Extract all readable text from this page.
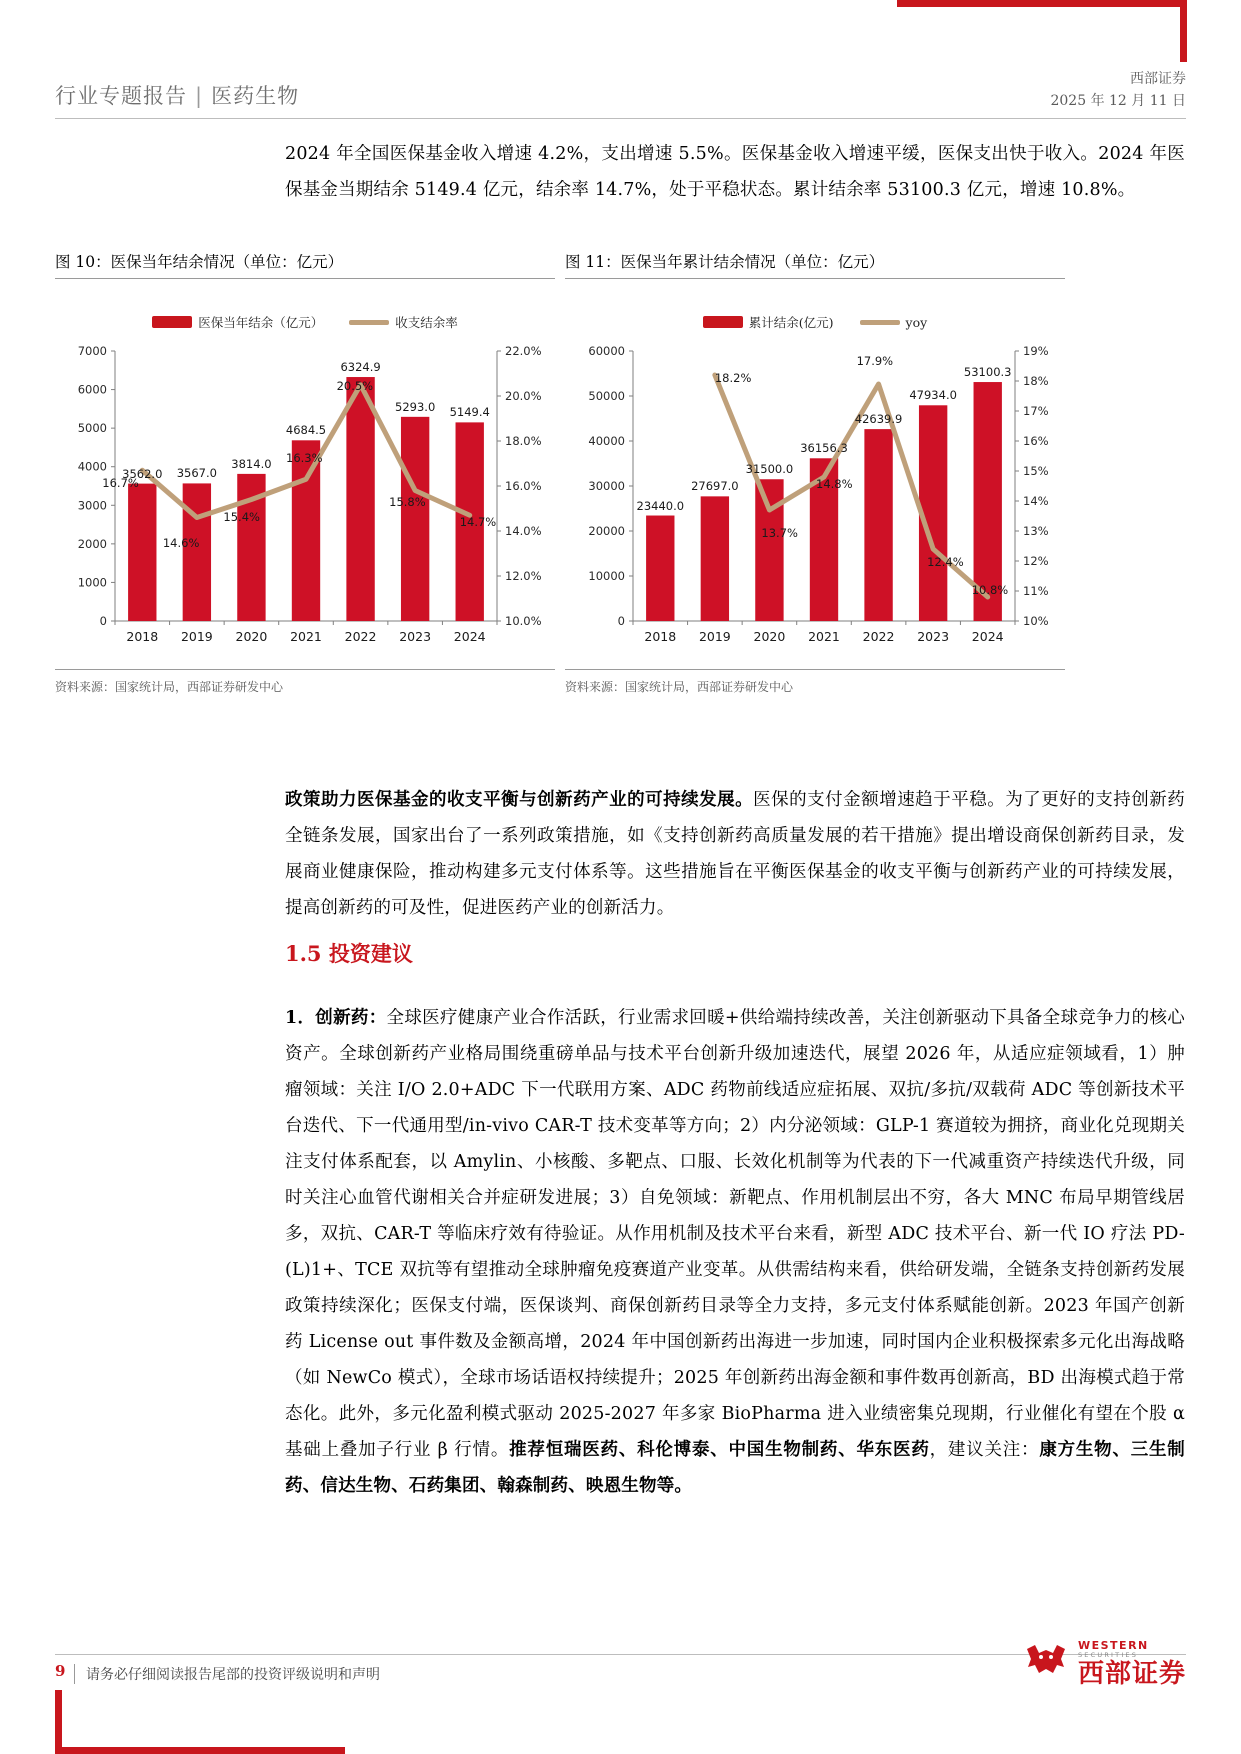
行业专题报告 | 医药生物
西部证券
2025 年 12 月 11 日
2024 年全国医保基金收入增速 4.2%，支出增速 5.5%。医保基金收入增速平缓，医保支出快于收入。2024 年医保基金当期结余 5149.4 亿元，结余率 14.7%，处于平稳状态。累计结余率 53100.3 亿元，增速 10.8%。
图 10：医保当年结余情况（单位：亿元）
医保当年结余（亿元）	收支结余率
0
1000
2000
3000
4000
5000
6000
7000
10.0%
12.0%
14.0%
16.0%
18.0%
20.0%
22.0%
3562.0	3567.0
3814.0
4684.5
6324.9
5293.0	5149.4
16.7%
14.6%
15.4%
16.3%
20.5%
15.8%
14.7%
2018	2019	2020	2021	2022	2023	2024
资料来源：国家统计局，西部证券研发中心
图 11：医保当年累计结余情况（单位：亿元）
累计结余(亿元)	yoy
0
10000
20000
30000
40000
50000
60000
10%
11%
12%
13%
14%
15%
16%
17%
18%
19%
23440.0
27697.0
31500.0
36156.3
42639.9
47934.0
53100.3
18.2%
13.7%
14.8%
17.9%
12.4%
10.8%
2018	2019	2020	2021	2022	2023	2024
资料来源：国家统计局，西部证券研发中心
政策助力医保基金的收支平衡与创新药产业的可持续发展。医保的支付金额增速趋于平稳。为了更好的支持创新药全链条发展，国家出台了一系列政策措施，如《支持创新药高质量发展的若干措施》提出增设商保创新药目录，发展商业健康保险，推动构建多元支付体系等。这些措施旨在平衡医保基金的收支平衡与创新药产业的可持续发展，提高创新药的可及性，促进医药产业的创新活力。
1.5 投资建议
1．创新药：全球医疗健康产业合作活跃，行业需求回暖+供给端持续改善，关注创新驱动下具备全球竞争力的核心资产。全球创新药产业格局围绕重磅单品与技术平台创新升级加速迭代，展望 2026 年，从适应症领域看，1）肿瘤领域：关注 I/O 2.0+ADC 下一代联用方案、ADC 药物前线适应症拓展、双抗/多抗/双载荷 ADC 等创新技术平台迭代、下一代通用型/in-vivo CAR-T 技术变革等方向；2）内分泌领域：GLP-1 赛道较为拥挤，商业化兑现期关注支付体系配套，以 Amylin、小核酸、多靶点、口服、长效化机制等为代表的下一代减重资产持续迭代升级，同时关注心血管代谢相关合并症研发进展；3）自免领域：新靶点、作用机制层出不穷，各大 MNC 布局早期管线居多，双抗、CAR-T 等临床疗效有待验证。从作用机制及技术平台来看，新型 ADC 技术平台、新一代 IO 疗法 PD-(L)1+、TCE 双抗等有望推动全球肿瘤免疫赛道产业变革。从供需结构来看，供给研发端，全链条支持创新药发展政策持续深化；医保支付端，医保谈判、商保创新药目录等全力支持，多元支付体系赋能创新。2023 年国产创新药 License out 事件数及金额高增，2024 年中国创新药出海进一步加速，同时国内企业积极探索多元化出海战略（如 NewCo 模式），全球市场话语权持续提升；2025 年创新药出海金额和事件数再创新高，BD 出海模式趋于常态化。此外，多元化盈利模式驱动 2025-2027 年多家 BioPharma 进入业绩密集兑现期，行业催化有望在个股 α 基础上叠加子行业 β 行情。推荐恒瑞医药、科伦博泰、中国生物制药、华东医药，建议关注：康方生物、三生制药、信达生物、石药集团、翰森制药、映恩生物等。
9 请务必仔细阅读报告尾部的投资评级说明和声明
WESTERN
SECURITIES
西部证券
